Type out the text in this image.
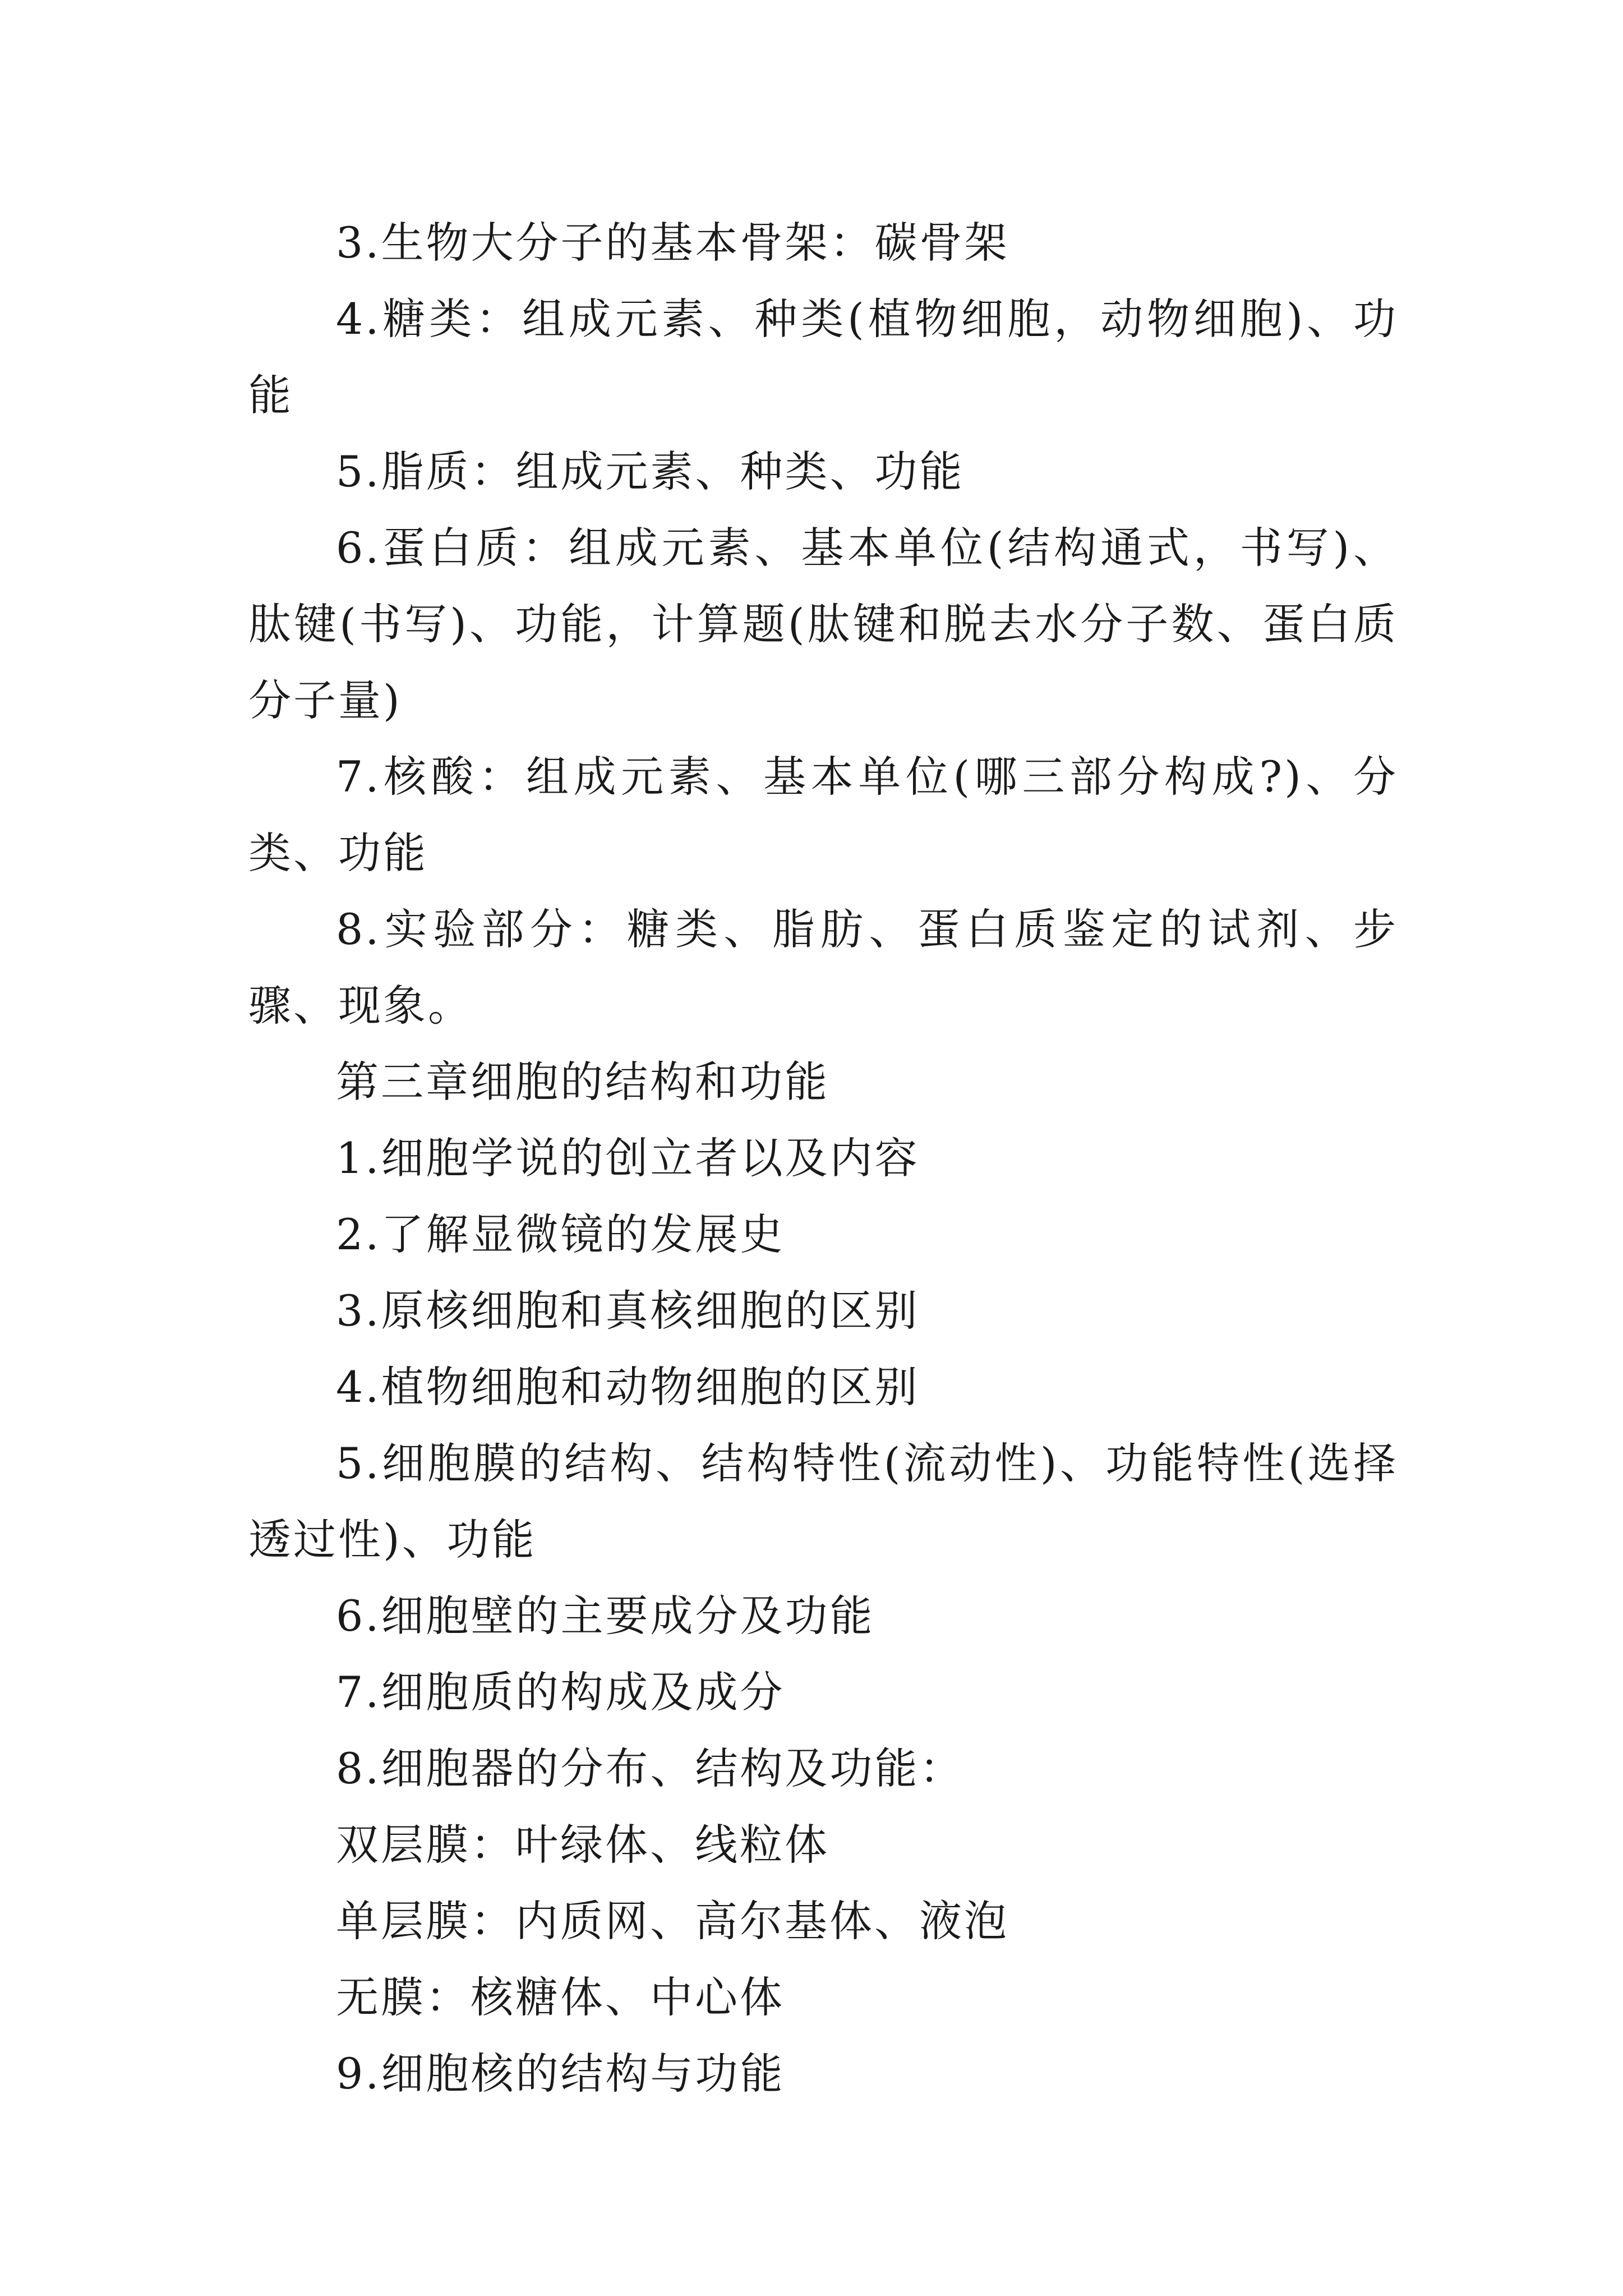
3.生物大分子的基本骨架：碳骨架

4.糖类：组成元素、种类(植物细胞，动物细胞)、功能

5.脂质：组成元素、种类、功能

6.蛋白质：组成元素、基本单位(结构通式，书写)、肽键(书写)、功能，计算题(肽键和脱去水分子数、蛋白质分子量)

7.核酸：组成元素、基本单位(哪三部分构成?)、分类、功能

8.实验部分：糖类、脂肪、蛋白质鉴定的试剂、步骤、现象。

第三章细胞的结构和功能

1.细胞学说的创立者以及内容

2.了解显微镜的发展史

3.原核细胞和真核细胞的区别

4.植物细胞和动物细胞的区别

5.细胞膜的结构、结构特性(流动性)、功能特性(选择透过性)、功能

6.细胞壁的主要成分及功能

7.细胞质的构成及成分

8.细胞器的分布、结构及功能：

双层膜：叶绿体、线粒体

单层膜：内质网、高尔基体、液泡

无膜：核糖体、中心体

9.细胞核的结构与功能
